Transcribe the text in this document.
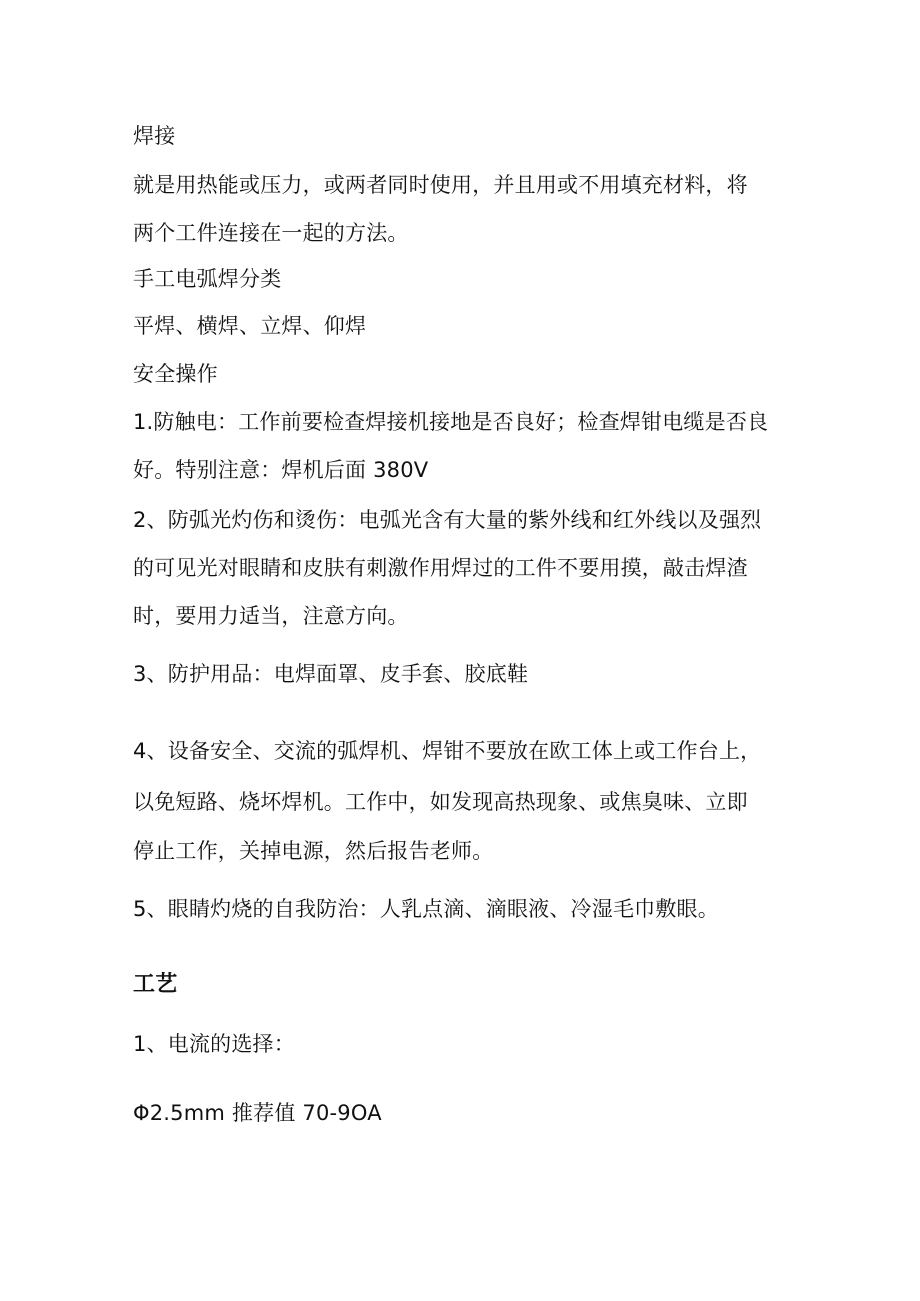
焊接
就是用热能或压力，或两者同时使用，并且用或不用填充材料，将
两个工件连接在一起的方法。
手工电弧焊分类
平焊、横焊、立焊、仰焊
安全操作
1.防触电：工作前要检查焊接机接地是否良好；检查焊钳电缆是否良
好。特别注意：焊机后面 380V
2、防弧光灼伤和烫伤：电弧光含有大量的紫外线和红外线以及强烈
的可见光对眼睛和皮肤有刺激作用焊过的工件不要用摸，敲击焊渣
时，要用力适当，注意方向。
3、防护用品：电焊面罩、皮手套、胶底鞋
4、设备安全、交流的弧焊机、焊钳不要放在欧工体上或工作台上，
以免短路、烧坏焊机。工作中，如发现高热现象、或焦臭味、立即
停止工作，关掉电源，然后报告老师。
5、眼睛灼烧的自我防治：人乳点滴、滴眼液、冷湿毛巾敷眼。
工艺
1、电流的选择：
Φ2.5mm 推荐值 70-9OA
